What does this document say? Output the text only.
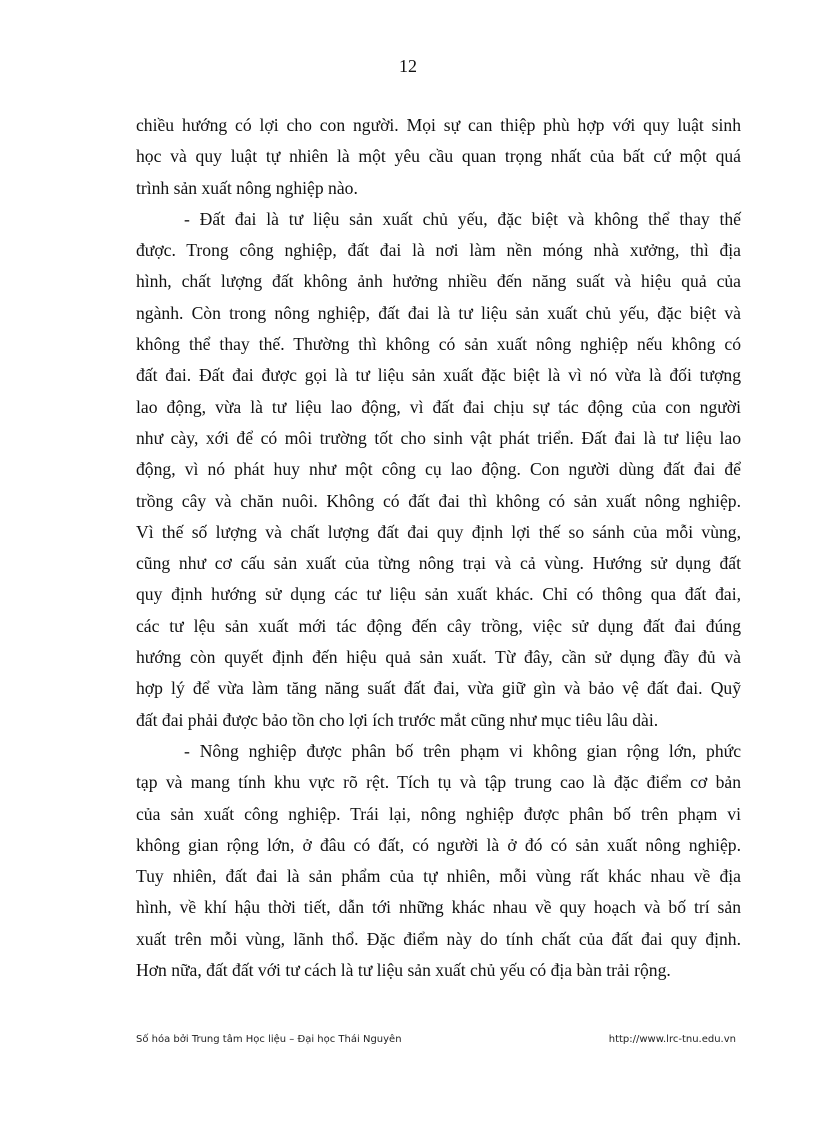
12
chiều hướng có lợi cho con người. Mọi sự can thiệp phù hợp với quy luật sinh
học và quy luật tự nhiên là một yêu cầu quan trọng nhất của bất cứ một quá
trình sản xuất nông nghiệp nào.
- Đất đai là tư liệu sản xuất chủ yếu, đặc biệt và không thể thay thế
được. Trong công nghiệp, đất đai là nơi làm nền móng nhà xưởng, thì địa
hình, chất lượng đất không ảnh hưởng nhiều đến năng suất và hiệu quả của
ngành. Còn trong nông nghiệp, đất đai là tư liệu sản xuất chủ yếu, đặc biệt và
không thể thay thế. Thường thì không có sản xuất nông nghiệp nếu không có
đất đai. Đất đai được gọi là tư liệu sản xuất đặc biệt là vì nó vừa là đối tượng
lao động, vừa là tư liệu lao động, vì đất đai chịu sự tác động của con người
như cày, xới để có môi trường tốt cho sinh vật phát triển. Đất đai là tư liệu lao
động, vì nó phát huy như một công cụ lao động. Con người dùng đất đai để
trồng cây và chăn nuôi. Không có đất đai thì không có sản xuất nông nghiệp.
Vì thế số lượng và chất lượng đất đai quy định lợi thế so sánh của mỗi vùng,
cũng như cơ cấu sản xuất của từng nông trại và cả vùng. Hướng sử dụng đất
quy định hướng sử dụng các tư liệu sản xuất khác. Chỉ có thông qua đất đai,
các tư lệu sản xuất mới tác động đến cây trồng, việc sử dụng đất đai đúng
hướng còn quyết định đến hiệu quả sản xuất. Từ đây, cần sử dụng đầy đủ và
hợp lý để vừa làm tăng năng suất đất đai, vừa giữ gìn và bảo vệ đất đai. Quỹ
đất đai phải được bảo tồn cho lợi ích trước mắt cũng như mục tiêu lâu dài.
- Nông nghiệp được phân bố trên phạm vi không gian rộng lớn, phức
tạp và mang tính khu vực rõ rệt. Tích tụ và tập trung cao là đặc điểm cơ bản
của sản xuất công nghiệp. Trái lại, nông nghiệp được phân bố trên phạm vi
không gian rộng lớn, ở đâu có đất, có người là ở đó có sản xuất nông nghiệp.
Tuy nhiên, đất đai là sản phẩm của tự nhiên, mỗi vùng rất khác nhau về địa
hình, về khí hậu thời tiết, dẫn tới những khác nhau về quy hoạch và bố trí sản
xuất trên mỗi vùng, lãnh thổ. Đặc điểm này do tính chất của đất đai quy định.
Hơn nữa, đất đất với tư cách là tư liệu sản xuất chủ yếu có địa bàn trải rộng.
Số hóa bởi Trung tâm Học liệu – Đại học Thái Nguyên	http://www.lrc-tnu.edu.vn
